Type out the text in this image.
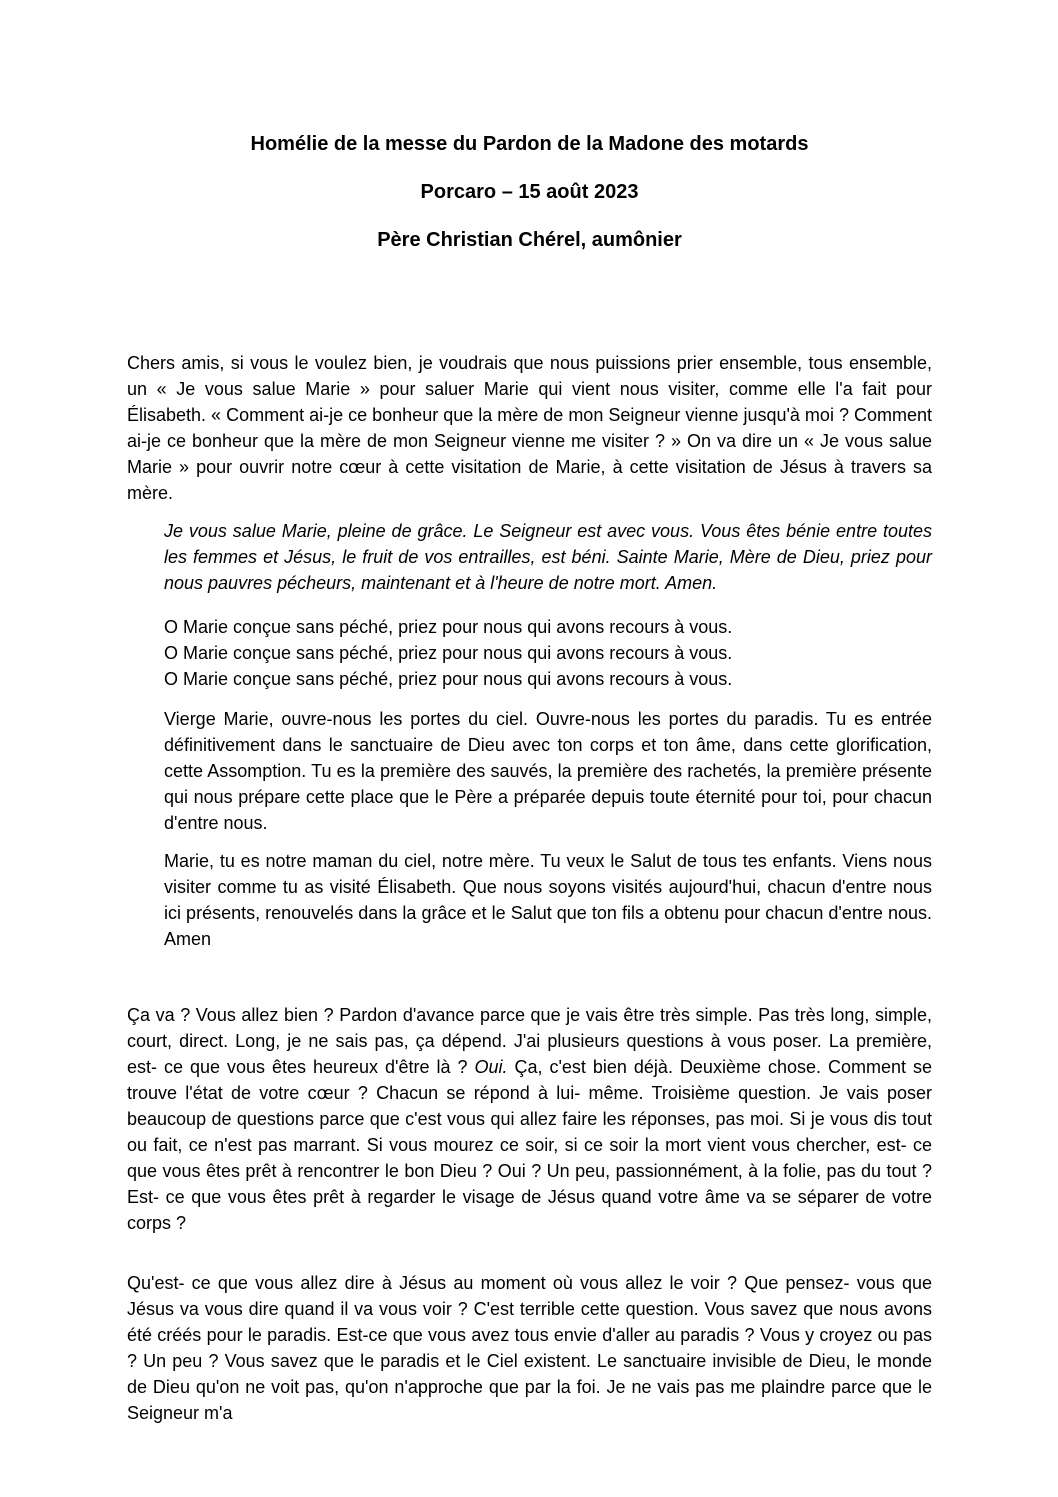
Homélie de la messe du Pardon de la Madone des motards
Porcaro – 15 août 2023
Père Christian Chérel, aumônier

Chers amis, si vous le voulez bien, je voudrais que nous puissions prier ensemble, tous ensemble, un « Je vous salue Marie » pour saluer Marie qui vient nous visiter, comme elle l'a fait pour Élisabeth. « Comment ai-je ce bonheur que la mère de mon Seigneur vienne jusqu'à moi ? Comment ai-je ce bonheur que la mère de mon Seigneur vienne me visiter ? » On va dire un « Je vous salue Marie » pour ouvrir notre cœur à cette visitation de Marie, à cette visitation de Jésus à travers sa mère.

Je vous salue Marie, pleine de grâce. Le Seigneur est avec vous. Vous êtes bénie entre toutes les femmes et Jésus, le fruit de vos entrailles, est béni. Sainte Marie, Mère de Dieu, priez pour nous pauvres pécheurs, maintenant et à l'heure de notre mort. Amen.

O Marie conçue sans péché, priez pour nous qui avons recours à vous.
O Marie conçue sans péché, priez pour nous qui avons recours à vous.
O Marie conçue sans péché, priez pour nous qui avons recours à vous.

Vierge Marie, ouvre-nous les portes du ciel. Ouvre-nous les portes du paradis. Tu es entrée définitivement dans le sanctuaire de Dieu avec ton corps et ton âme, dans cette glorification, cette Assomption. Tu es la première des sauvés, la première des rachetés, la première présente qui nous prépare cette place que le Père a préparée depuis toute éternité pour toi, pour chacun d'entre nous.

Marie, tu es notre maman du ciel, notre mère. Tu veux le Salut de tous tes enfants. Viens nous visiter comme tu as visité Élisabeth. Que nous soyons visités aujourd'hui, chacun d'entre nous ici présents, renouvelés dans la grâce et le Salut que ton fils a obtenu pour chacun d'entre nous. Amen

Ça va ? Vous allez bien ? Pardon d'avance parce que je vais être très simple. Pas très long, simple, court, direct. Long, je ne sais pas, ça dépend. J'ai plusieurs questions à vous poser. La première, est- ce que vous êtes heureux d'être là ? Oui. Ça, c'est bien déjà. Deuxième chose. Comment se trouve l'état de votre cœur ? Chacun se répond à lui- même. Troisième question. Je vais poser beaucoup de questions parce que c'est vous qui allez faire les réponses, pas moi. Si je vous dis tout ou fait, ce n'est pas marrant. Si vous mourez ce soir, si ce soir la mort vient vous chercher, est- ce que vous êtes prêt à rencontrer le bon Dieu ? Oui ? Un peu, passionnément, à la folie, pas du tout ? Est- ce que vous êtes prêt à regarder le visage de Jésus quand votre âme va se séparer de votre corps ?

Qu'est- ce que vous allez dire à Jésus au moment où vous allez le voir ? Que pensez- vous que Jésus va vous dire quand il va vous voir ? C'est terrible cette question. Vous savez que nous avons été créés pour le paradis. Est-ce que vous avez tous envie d'aller au paradis ? Vous y croyez ou pas ? Un peu ? Vous savez que le paradis et le Ciel existent. Le sanctuaire invisible de Dieu, le monde de Dieu qu'on ne voit pas, qu'on n'approche que par la foi. Je ne vais pas me plaindre parce que le Seigneur m'a
